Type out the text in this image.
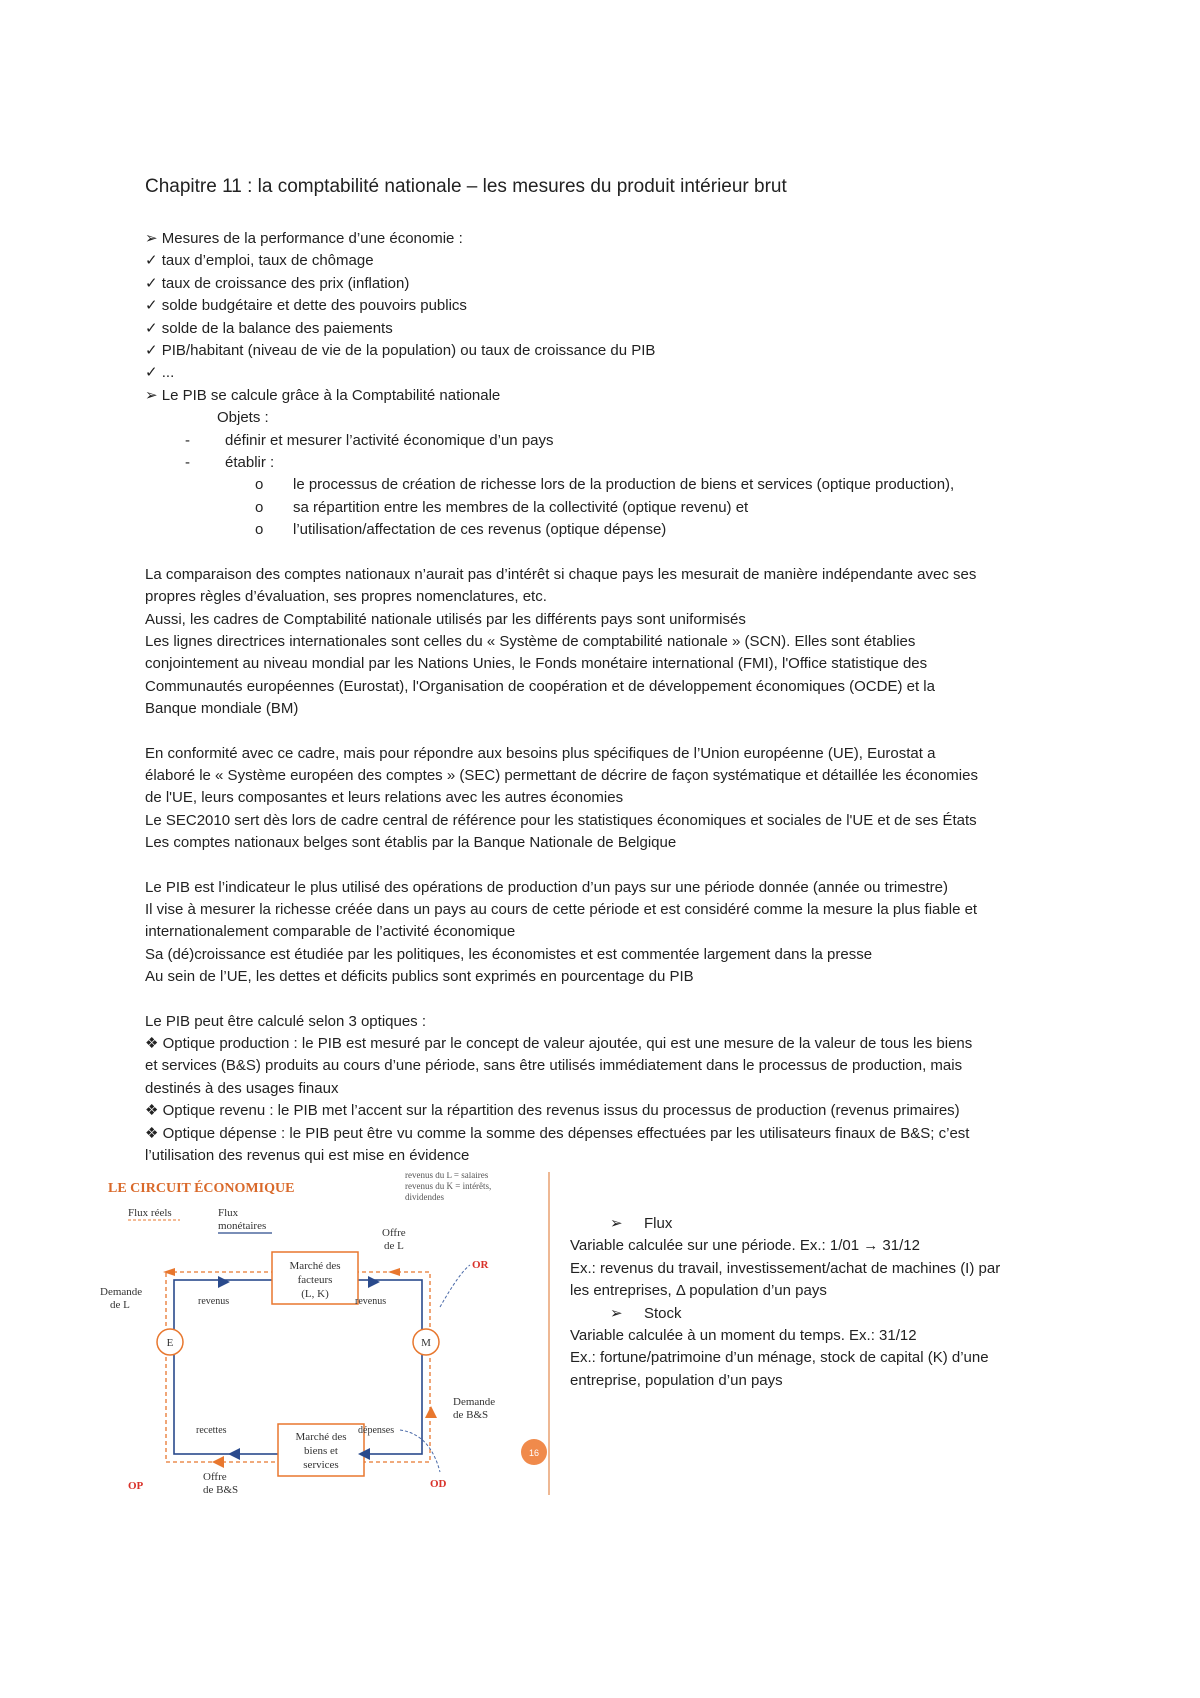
Chapitre 11 : la comptabilité nationale – les mesures du produit intérieur brut
➢ Mesures de la performance d’une économie :
✓ taux d’emploi, taux de chômage
✓ taux de croissance des prix (inflation)
✓ solde budgétaire et dette des pouvoirs publics
✓ solde de la balance des paiements
✓ PIB/habitant (niveau de vie de la population) ou taux de croissance du PIB
✓ ...
➢ Le PIB se calcule grâce à la Comptabilité nationale
Objets :
-	définir et mesurer l’activité économique d’un pays
-	établir :
o	le processus de création de richesse lors de la production de biens et services (optique production),
o	sa répartition entre les membres de la collectivité (optique revenu) et
o	l’utilisation/affectation de ces revenus (optique dépense)
La comparaison des comptes nationaux n’aurait pas d’intérêt si chaque pays les mesurait de manière indépendante avec ses
propres règles d’évaluation, ses propres nomenclatures, etc.
Aussi, les cadres de Comptabilité nationale utilisés par les différents pays sont uniformisés
Les lignes directrices internationales sont celles du « Système de comptabilité nationale » (SCN). Elles sont établies
conjointement au niveau mondial par les Nations Unies, le Fonds monétaire international (FMI), l'Office statistique des
Communautés européennes (Eurostat), l'Organisation de coopération et de développement économiques (OCDE) et la
Banque mondiale (BM)
En conformité avec ce cadre, mais pour répondre aux besoins plus spécifiques de l’Union européenne (UE), Eurostat a
élaboré le « Système européen des comptes » (SEC) permettant de décrire de façon systématique et détaillée les économies
de l'UE, leurs composantes et leurs relations avec les autres économies
Le SEC2010 sert dès lors de cadre central de référence pour les statistiques économiques et sociales de l'UE et de ses États
Les comptes nationaux belges sont établis par la Banque Nationale de Belgique
Le PIB est l’indicateur le plus utilisé des opérations de production d’un pays sur une période donnée (année ou trimestre)
Il vise à mesurer la richesse créée dans un pays au cours de cette période et est considéré comme la mesure la plus fiable et
internationalement comparable de l’activité économique
Sa (dé)croissance est étudiée par les politiques, les économistes et est commentée largement dans la presse
Au sein de l’UE, les dettes et déficits publics sont exprimés en pourcentage du PIB
Le PIB peut être calculé selon 3 optiques :
❖ Optique production : le PIB est mesuré par le concept de valeur ajoutée, qui est une mesure de la valeur de tous les biens
et services (B&S) produits au cours d’une période, sans être utilisés immédiatement dans le processus de production, mais
destinés à des usages finaux
❖ Optique revenu : le PIB met l’accent sur la répartition des revenus issus du processus de production (revenus primaires)
❖ Optique dépense : le PIB peut être vu comme la somme des dépenses effectuées par les utilisateurs finaux de B&S; c’est
l’utilisation des revenus qui est mise en évidence
LE CIRCUIT ÉCONOMIQUE
Flux réels	Flux
monétaires
revenus du L = salaires
revenus du K = intérêts,
dividendes
Marché des
facteurs
(L, K)
Marché des
biens et
services
E	M
revenus	revenus
recettes	dépenses
Offre
de L
Demande
de L
Demande
de B&S
Offre
de B&S
OR
OP	OD
16
➢ Flux
Variable calculée sur une période. Ex.: 1/01 → 31/12
Ex.: revenus du travail, investissement/achat de machines (I) par
les entreprises, Δ population d’un pays
➢ Stock
Variable calculée à un moment du temps. Ex.: 31/12
Ex.: fortune/patrimoine d’un ménage, stock de capital (K) d’une
entreprise, population d’un pays
